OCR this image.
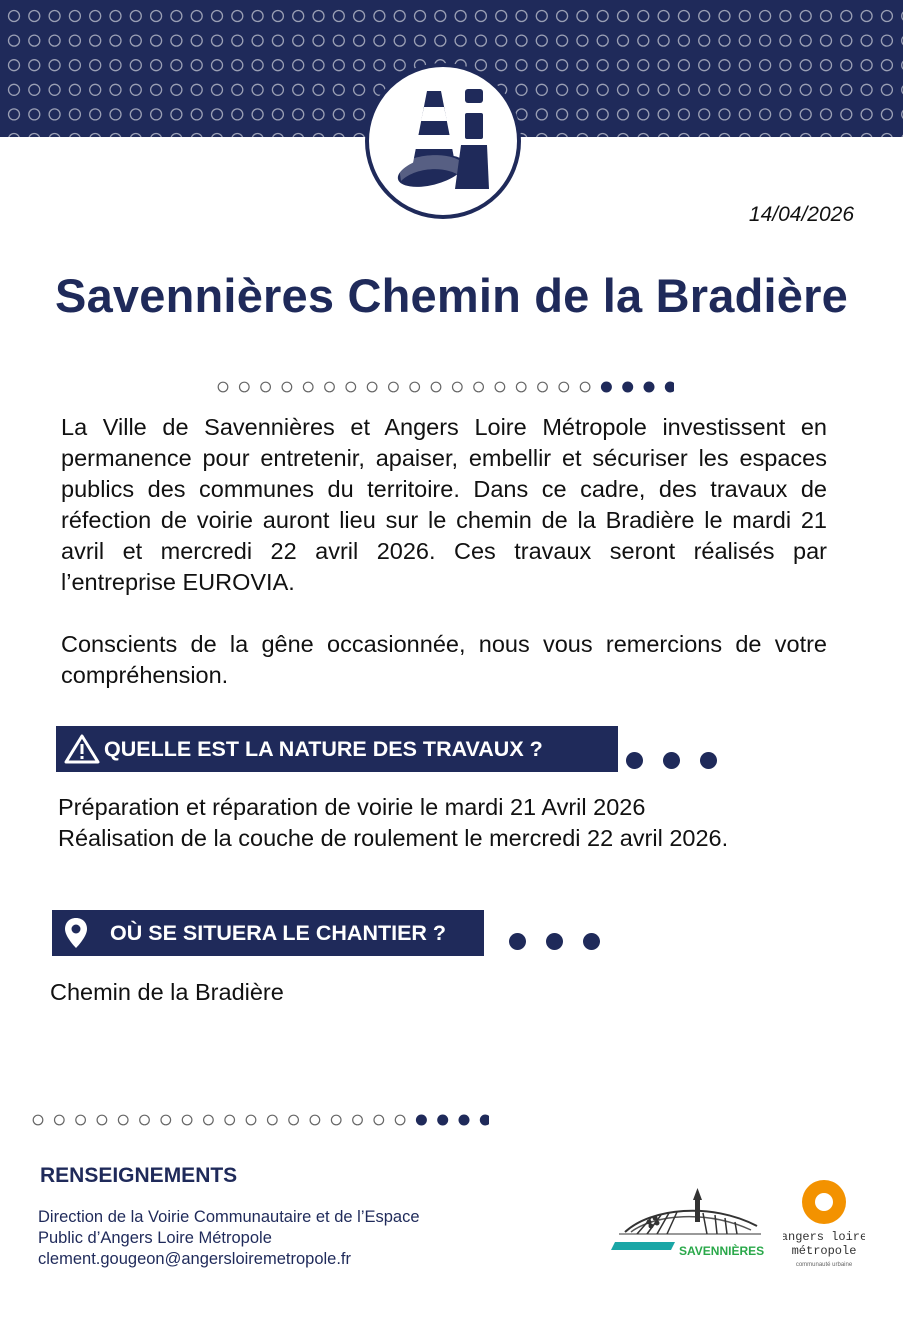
14/04/2026
Savennières Chemin de la Bradière

La Ville de Savennières et Angers Loire Métropole investissent en permanence pour entretenir, apaiser, embellir et sécuriser les espaces publics des communes du territoire. Dans ce cadre, des travaux de réfection de voirie auront lieu sur le chemin de la Bradière le mardi 21 avril et mercredi 22 avril 2026. Ces travaux seront réalisés par l’entreprise EUROVIA.

Conscients de la gêne occasionnée, nous vous remercions de votre compréhension.

QUELLE EST LA NATURE DES TRAVAUX ?
Préparation et réparation de voirie le mardi 21 Avril 2026
Réalisation de la couche de roulement le mercredi 22 avril 2026.
OÙ SE SITUERA LE CHANTIER ?
Chemin de la Bradière
RENSEIGNEMENTS
Direction de la Voirie Communautaire et de l’Espace
Public d’Angers Loire Métropole
clement.gougeon@angersloiremetropole.fr	SAVENNIÈRES
angers loire
métropole
communauté urbaine
